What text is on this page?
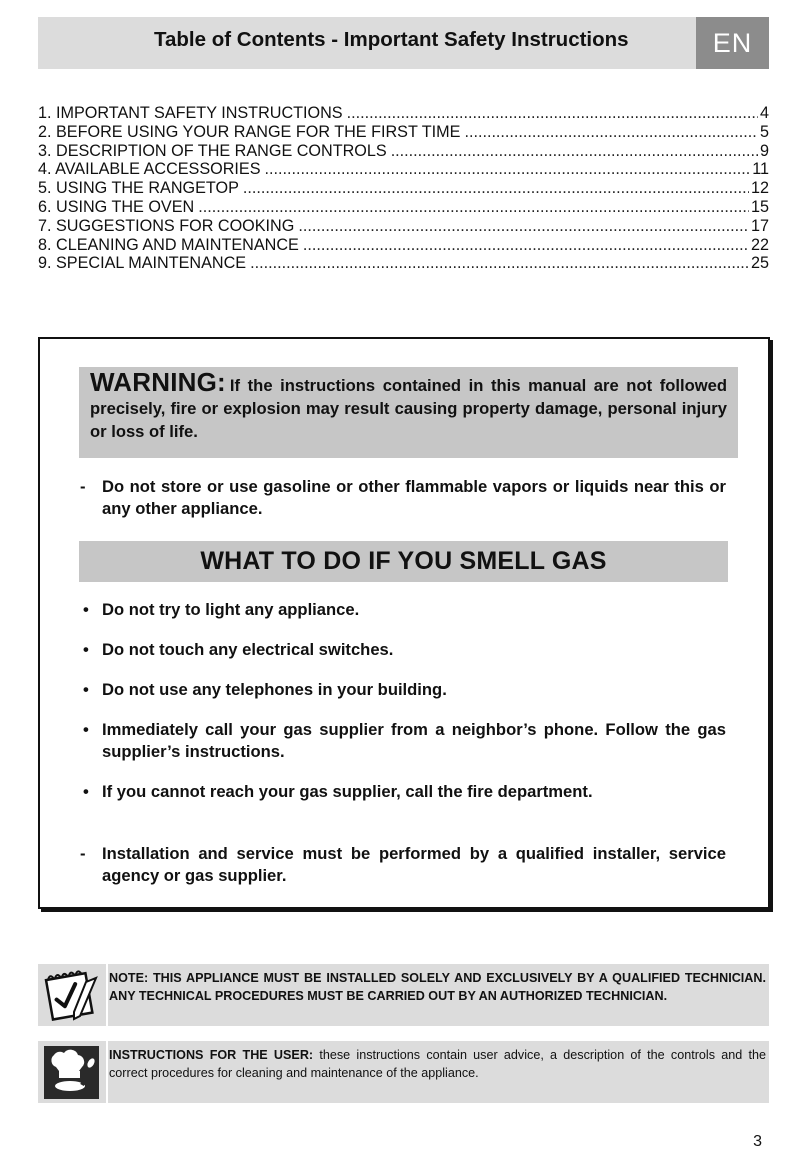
Table of Contents - Important Safety Instructions	EN
1. IMPORTANT SAFETY INSTRUCTIONS .....	4
2. BEFORE USING YOUR RANGE FOR THE FIRST TIME .....	5
3. DESCRIPTION OF THE RANGE CONTROLS .....	9
4. AVAILABLE ACCESSORIES .....	11
5. USING THE RANGETOP .....	12
6. USING THE OVEN .....	15
7. SUGGESTIONS FOR COOKING .....	17
8. CLEANING AND MAINTENANCE .....	22
9. SPECIAL MAINTENANCE .....	25
WARNING: If the instructions contained in this manual are not followed precisely, fire or explosion may result causing property damage, personal injury or loss of life.
- Do not store or use gasoline or other flammable vapors or liquids near this or any other appliance.
WHAT TO DO IF YOU SMELL GAS
• Do not try to light any appliance.
• Do not touch any electrical switches.
• Do not use any telephones in your building.
• Immediately call your gas supplier from a neighbor’s phone. Follow the gas supplier’s instructions.
• If you cannot reach your gas supplier, call the fire department.
- Installation and service must be performed by a qualified installer, service agency or gas supplier.
NOTE: THIS APPLIANCE MUST BE INSTALLED SOLELY AND EXCLUSIVELY BY A QUALIFIED TECHNICIAN. ANY TECHNICAL PROCEDURES MUST BE CARRIED OUT BY AN AUTHORIZED TECHNICIAN.
INSTRUCTIONS FOR THE USER: these instructions contain user advice, a description of the controls and the correct procedures for cleaning and maintenance of the appliance.
3
